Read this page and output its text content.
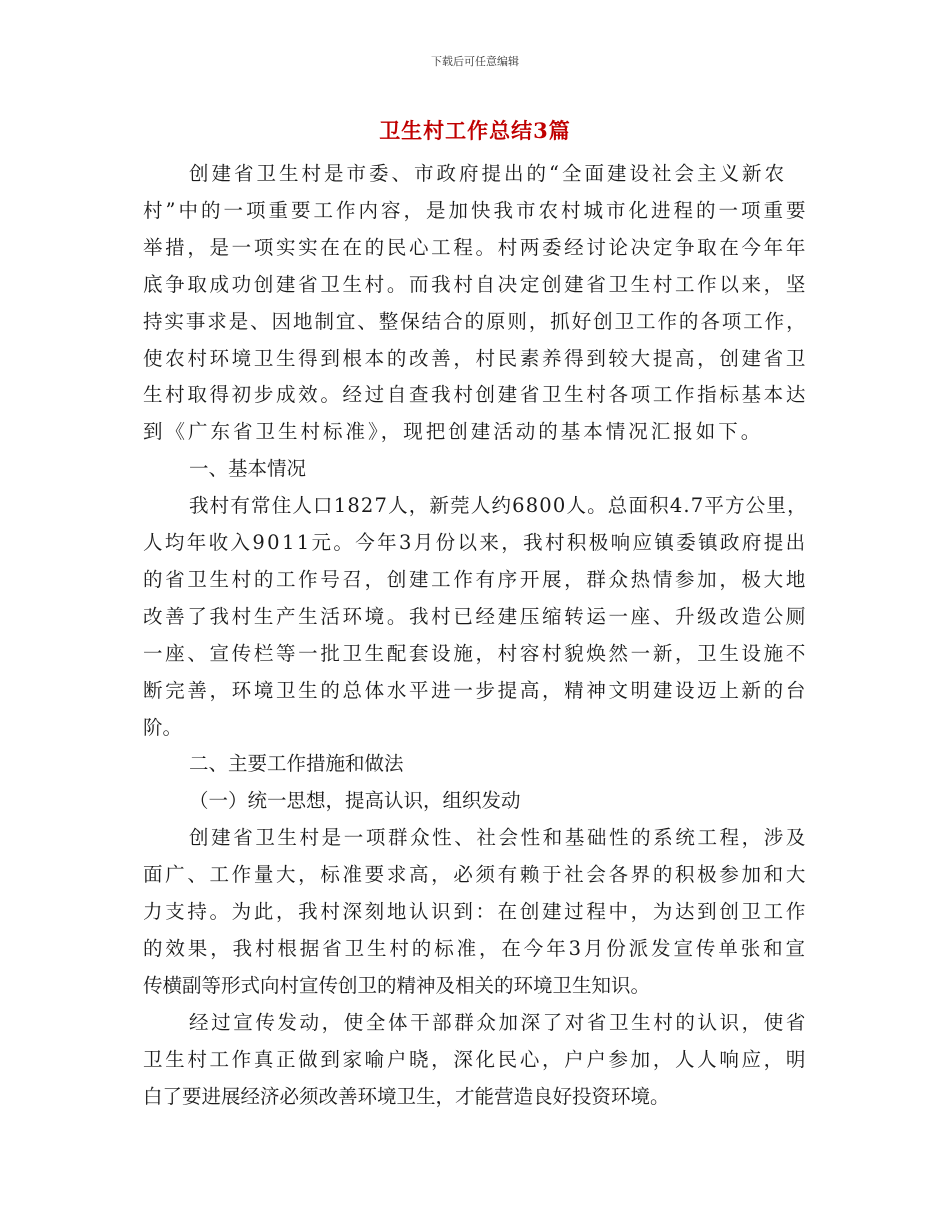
下载后可任意编辑
卫生村工作总结3篇
创建省卫生村是市委、市政府提出的“全面建设社会主义新农
村”中的一项重要工作内容，是加快我市农村城市化进程的一项重要
举措，是一项实实在在的民心工程。村两委经讨论决定争取在今年年
底争取成功创建省卫生村。而我村自决定创建省卫生村工作以来，坚
持实事求是、因地制宜、整保结合的原则，抓好创卫工作的各项工作，
使农村环境卫生得到根本的改善，村民素养得到较大提高，创建省卫
生村取得初步成效。经过自查我村创建省卫生村各项工作指标基本达
到《广东省卫生村标准》，现把创建活动的基本情况汇报如下。
一、基本情况
我村有常住人口1827人，新莞人约6800人。总面积4.7平方公里，
人均年收入9011元。今年3月份以来，我村积极响应镇委镇政府提出
的省卫生村的工作号召，创建工作有序开展，群众热情参加，极大地
改善了我村生产生活环境。我村已经建压缩转运一座、升级改造公厕
一座、宣传栏等一批卫生配套设施，村容村貌焕然一新，卫生设施不
断完善，环境卫生的总体水平进一步提高，精神文明建设迈上新的台
阶。
二、主要工作措施和做法
（一）统一思想，提高认识，组织发动
创建省卫生村是一项群众性、社会性和基础性的系统工程，涉及
面广、工作量大，标准要求高，必须有赖于社会各界的积极参加和大
力支持。为此，我村深刻地认识到：在创建过程中，为达到创卫工作
的效果，我村根据省卫生村的标准，在今年3月份派发宣传单张和宣
传横副等形式向村宣传创卫的精神及相关的环境卫生知识。
经过宣传发动，使全体干部群众加深了对省卫生村的认识，使省
卫生村工作真正做到家喻户晓，深化民心，户户参加，人人响应，明
白了要进展经济必须改善环境卫生，才能营造良好投资环境。
